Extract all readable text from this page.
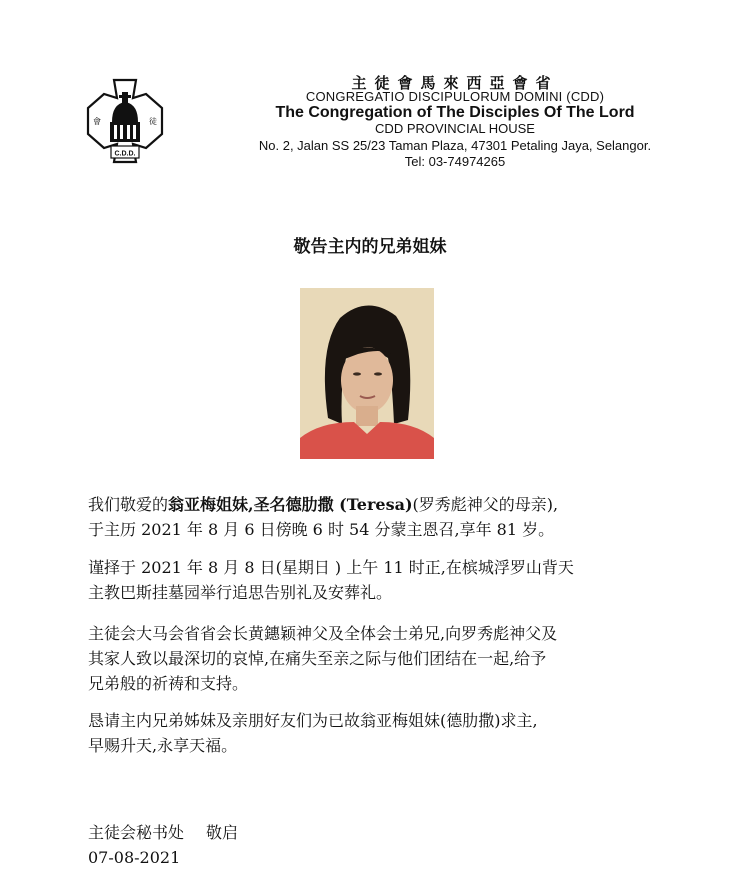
C.D.D.
會	徒
主徒會馬來西亞會省
CONGREGATIO DISCIPULORUM DOMINI (CDD)
The Congregation of The Disciples Of The Lord
CDD PROVINCIAL HOUSE
No. 2, Jalan SS 25/23 Taman Plaza, 47301 Petaling Jaya, Selangor.
Tel: 03-74974265
敬告主内的兄弟姐妹
我们敬爱的翁亚梅姐妹,圣名德肋撒 (Teresa)(罗秀彪神父的母亲),
于主历 2021 年 8 月 6 日傍晚 6 时 54 分蒙主恩召,享年 81 岁。
谨择于 2021 年 8 月 8 日(星期日 ) 上午 11 时正,在槟城浮罗山背天
主教巴斯挂墓园举行追思告别礼及安葬礼。
主徒会大马会省省会长黄鏸颖神父及全体会士弟兄,向罗秀彪神父及
其家人致以最深切的哀悼,在痛失至亲之际与他们团结在一起,给予
兄弟般的祈祷和支持。
恳请主内兄弟姊妹及亲朋好友们为已故翁亚梅姐妹(德肋撒)求主,
早赐升天,永享天福。
主徒会秘书处 敬启
07-08-2021
